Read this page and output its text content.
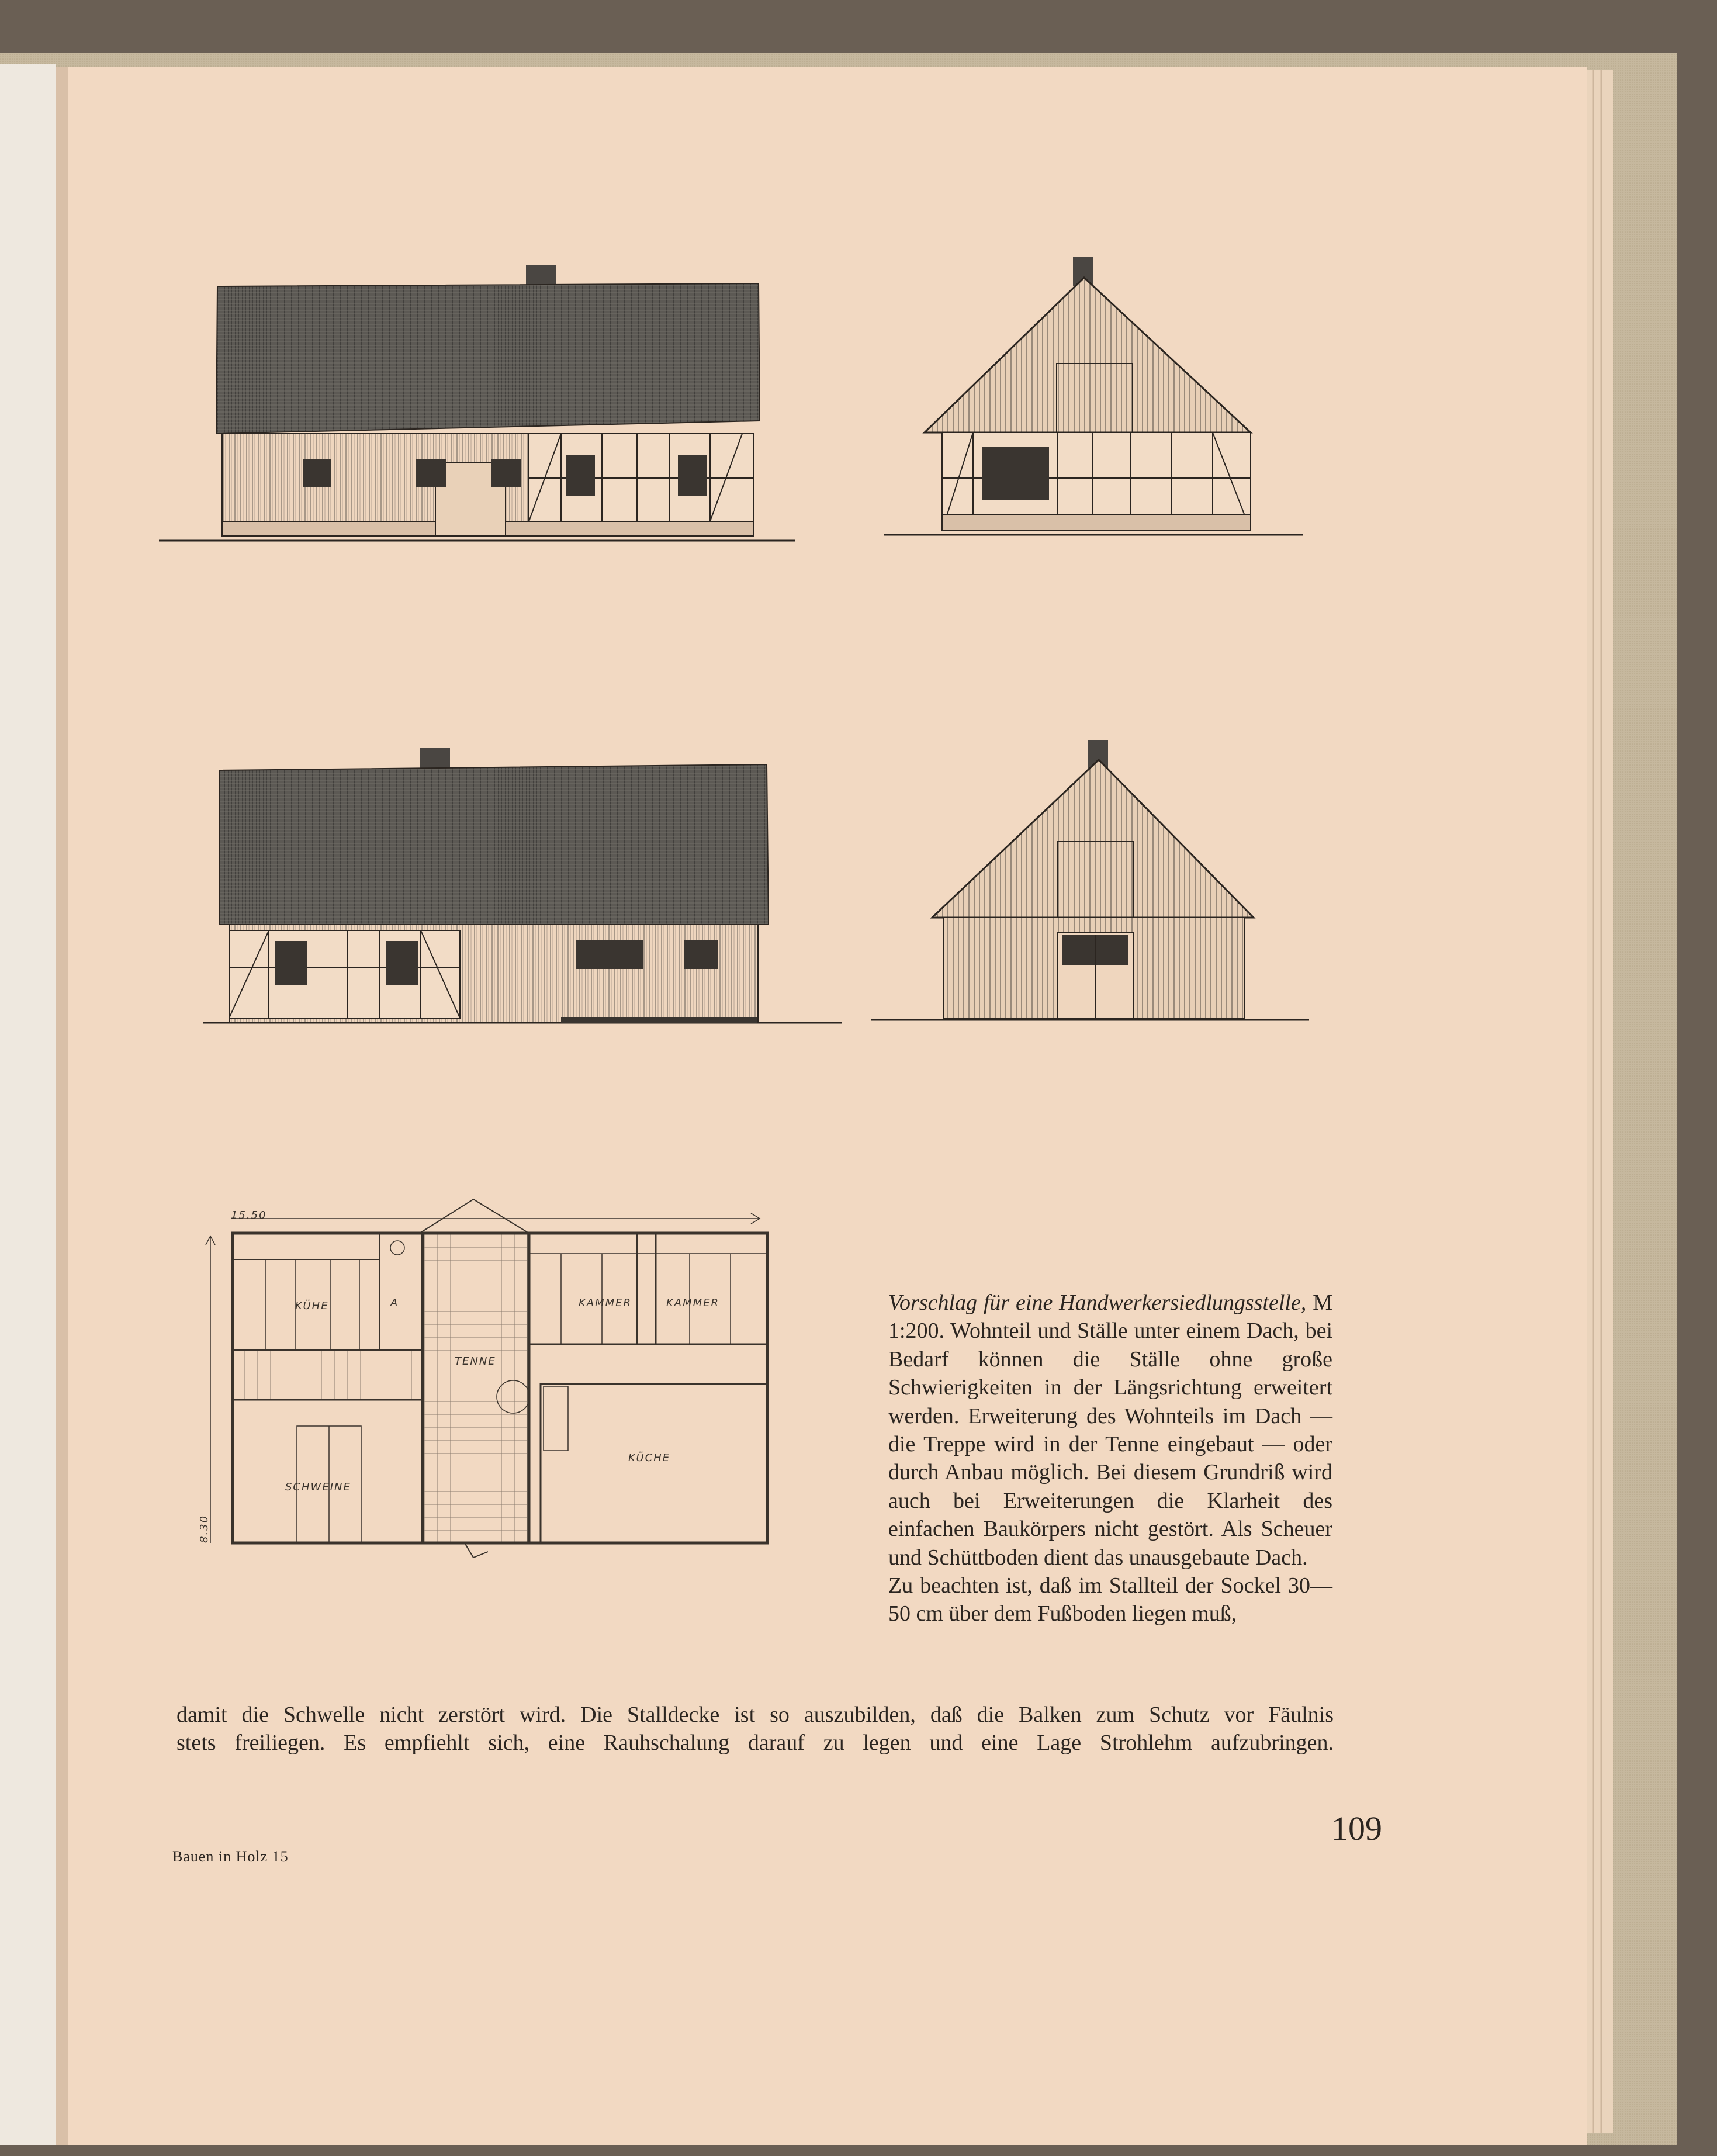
15.50
8.30
KÜHE	A
TENNE
KAMMER	KAMMER
SCHWEINE
KÜCHE

Vorschlag für eine Handwerkersiedlungsstelle, M 1:200. Wohnteil und Ställe unter einem Dach, bei Bedarf können die Ställe ohne große Schwierigkeiten in der Längsrichtung erweitert werden. Erweiterung des Wohnteils im Dach — die Treppe wird in der Tenne eingebaut — oder durch Anbau möglich. Bei diesem Grundriß wird auch bei Erweiterungen die Klarheit des einfachen Baukörpers nicht gestört. Als Scheuer und Schüttboden dient das unausgebaute Dach.

Zu beachten ist, daß im Stallteil der Sockel 30—50 cm über dem Fußboden liegen muß,

damit die Schwelle nicht zerstört wird. Die Stalldecke ist so auszubilden, daß die Balken zum Schutz vor Fäulnis
stets freiliegen. Es empfiehlt sich, eine Rauhschalung darauf zu legen und eine Lage Strohlehm aufzubringen.
Bauen in Holz 15
109
